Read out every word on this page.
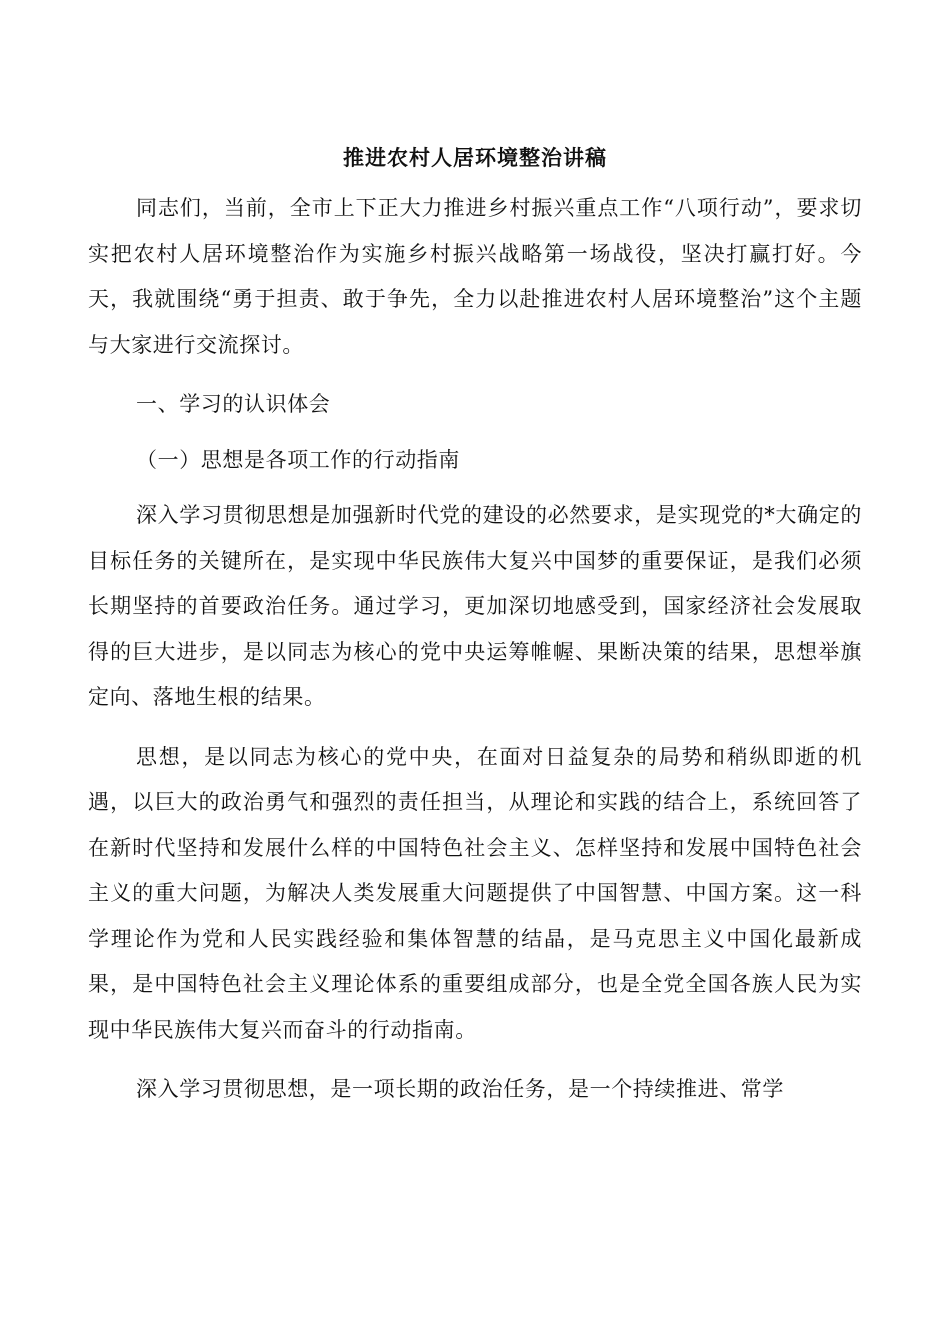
推进农村人居环境整治讲稿

同志们，当前，全市上下正大力推进乡村振兴重点工作“八项行动”，要求切实把农村人居环境整治作为实施乡村振兴战略第一场战役，坚决打赢打好。今天，我就围绕“勇于担责、敢于争先，全力以赴推进农村人居环境整治”这个主题与大家进行交流探讨。

一、学习的认识体会

（一）思想是各项工作的行动指南

深入学习贯彻思想是加强新时代党的建设的必然要求，是实现党的*大确定的目标任务的关键所在，是实现中华民族伟大复兴中国梦的重要保证，是我们必须长期坚持的首要政治任务。通过学习，更加深切地感受到，国家经济社会发展取得的巨大进步，是以同志为核心的党中央运筹帷幄、果断决策的结果，思想举旗定向、落地生根的结果。

思想，是以同志为核心的党中央，在面对日益复杂的局势和稍纵即逝的机遇，以巨大的政治勇气和强烈的责任担当，从理论和实践的结合上，系统回答了在新时代坚持和发展什么样的中国特色社会主义、怎样坚持和发展中国特色社会主义的重大问题，为解决人类发展重大问题提供了中国智慧、中国方案。这一科学理论作为党和人民实践经验和集体智慧的结晶，是马克思主义中国化最新成果，是中国特色社会主义理论体系的重要组成部分，也是全党全国各族人民为实现中华民族伟大复兴而奋斗的行动指南。

深入学习贯彻思想，是一项长期的政治任务，是一个持续推进、常学
